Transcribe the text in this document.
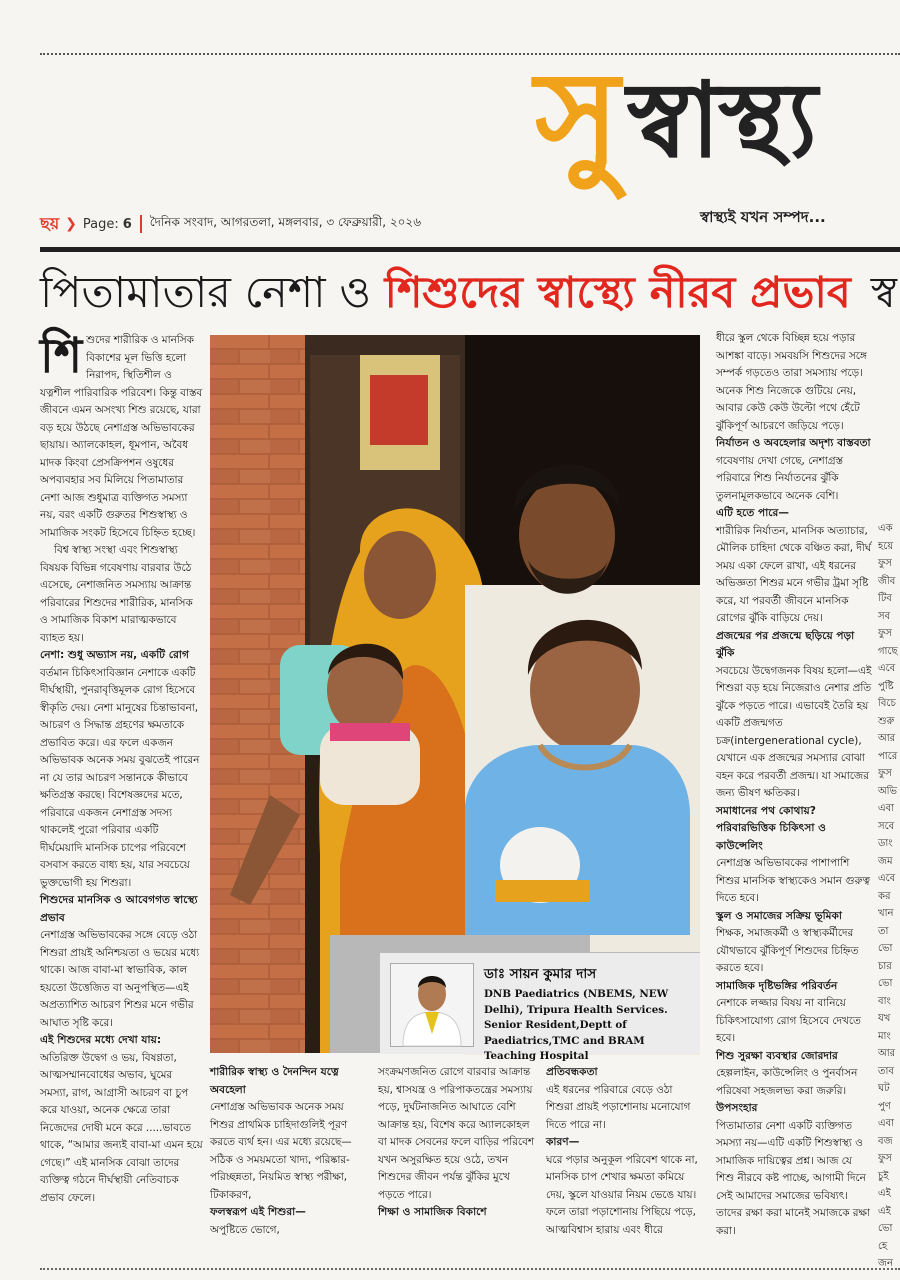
সু স্বাস্থ্য
ছয় ❯ Page: 6 দৈনিক সংবাদ, আগরতলা, মঙ্গলবার, ৩ ফেব্রুয়ারী, ২০২৬	স্বাস্থ্যই যখন সম্পদ...
পিতামাতার নেশা ও শিশুদের স্বাস্থ্যে নীরব প্রভাব স্ব
শি শুদের শারীরিক ও মানসিক বিকাশের মূল ভিত্তি হলো নিরাপদ, স্থিতিশীল ও যত্নশীল পারিবারিক পরিবেশ। কিন্তু বাস্তব জীবনে এমন অসংখ্য শিশু রয়েছে, যারা বড় হয়ে উঠছে নেশাগ্রস্ত অভিভাবকের ছায়ায়। অ্যালকোহল, ধূমপান, অবৈধ মাদক কিংবা প্রেসক্রিপশন ওষুধের অপব্যবহার সব মিলিয়ে পিতামাতার নেশা আজ শুধুমাত্র ব্যক্তিগত সমস্যা নয়, বরং একটি গুরুতর শিশুস্বাস্থ্য ও সামাজিক সংকট হিসেবে চিহ্নিত হচ্ছে।

বিশ্ব স্বাস্থ্য সংস্থা এবং শিশুস্বাস্থ্য বিষয়ক বিভিন্ন গবেষণায় বারবার উঠে এসেছে, নেশাজনিত সমস্যায় আক্রান্ত পরিবারের শিশুদের শারীরিক, মানসিক ও সামাজিক বিকাশ মারাত্মকভাবে ব্যাহত হয়।

নেশা: শুধু অভ্যাস নয়, একটি রোগ

বর্তমান চিকিৎসাবিজ্ঞান নেশাকে একটি দীর্ঘস্থায়ী, পুনরাবৃত্তিমূলক রোগ হিসেবে স্বীকৃতি দেয়। নেশা মানুষের চিন্তাভাবনা, আচরণ ও সিদ্ধান্ত গ্রহণের ক্ষমতাকে প্রভাবিত করে। এর ফলে একজন অভিভাবক অনেক সময় বুঝতেই পারেন না যে তার আচরণ সন্তানকে কীভাবে ক্ষতিগ্রস্ত করছে। বিশেষজ্ঞদের মতে, পরিবারে একজন নেশাগ্রস্ত সদস্য থাকলেই পুরো পরিবার একটি দীর্ঘমেয়াদি মানসিক চাপের পরিবেশে বসবাস করতে বাধ্য হয়, যার সবচেয়ে ভুক্তভোগী হয় শিশুরা।

শিশুদের মানসিক ও আবেগগত স্বাস্থ্যে প্রভাব

নেশাগ্রস্ত অভিভাবকের সঙ্গে বেড়ে ওঠা শিশুরা প্রায়ই অনিশ্চয়তা ও ভয়ের মধ্যে থাকে। আজ বাবা-মা স্বাভাবিক, কাল হয়তো উত্তেজিত বা অনুপস্থিত—এই অপ্রত্যাশিত আচরণ শিশুর মনে গভীর আঘাত সৃষ্টি করে।

এই শিশুদের মধ্যে দেখা যায়:

অতিরিক্ত উদ্বেগ ও ভয়, বিষণ্ণতা, আত্মসম্মানবোধের অভাব, ঘুমের সমস্যা, রাগ, আগ্রাসী আচরণ বা চুপ করে যাওয়া, অনেক ক্ষেত্রে তারা নিজেদের দোষী মনে করে .....ভাবতে থাকে, “আমার জন্যই বাবা-মা এমন হয়ে গেছে।” এই মানসিক বোঝা তাদের ব্যক্তিত্ব গঠনে দীর্ঘস্থায়ী নেতিবাচক প্রভাব ফেলে।

ডাঃ সায়ন কুমার দাস
DNB Paediatrics (NBEMS, NEW Delhi), Tripura Health Services. Senior Resident,Deptt of Paediatrics,TMC and BRAM Teaching Hospital
শারীরিক স্বাস্থ্য ও দৈনন্দিন যত্নে অবহেলা

নেশাগ্রস্ত অভিভাবক অনেক সময় শিশুর প্রাথমিক চাহিদাগুলিই পূরণ করতে ব্যর্থ হন। এর মধ্যে রয়েছে— সঠিক ও সময়মতো খাদ্য, পরিষ্কার-পরিচ্ছন্নতা, নিয়মিত স্বাস্থ্য পরীক্ষা, টিকাকরণ,

ফলস্বরূপ এই শিশুরা—

অপুষ্টিতে ভোগে,

সংক্রমণজনিত রোগে বারবার আক্রান্ত হয়, শ্বাসযন্ত্র ও পরিপাকতন্ত্রের সমস্যায় পড়ে, দুর্ঘটনাজনিত আঘাতে বেশি আক্রান্ত হয়, বিশেষ করে অ্যালকোহল বা মাদক সেবনের ফলে বাড়ির পরিবেশ যখন অসুরক্ষিত হয়ে ওঠে, তখন শিশুদের জীবন পর্যন্ত ঝুঁকির মুখে পড়তে পারে।

শিক্ষা ও সামাজিক বিকাশে
প্রতিবন্ধকতা

এই ধরনের পরিবারে বেড়ে ওঠা শিশুরা প্রায়ই পড়াশোনায় মনোযোগ দিতে পারে না।

কারণ—

ঘরে পড়ার অনুকূল পরিবেশ থাকে না, মানসিক চাপ শেখার ক্ষমতা কমিয়ে দেয়, স্কুলে যাওয়ার নিয়ম ভেঙে যায়। ফলে তারা পড়াশোনায় পিছিয়ে পড়ে, আত্মবিশ্বাস হারায় এবং ধীরে

ধীরে স্কুল থেকে বিচ্ছিন্ন হয়ে পড়ার আশঙ্কা বাড়ে। সমবয়সি শিশুদের সঙ্গে সম্পর্ক গড়তেও তারা সমস্যায় পড়ে। অনেক শিশু নিজেকে গুটিয়ে নেয়, আবার কেউ কেউ উল্টো পথে হেঁটে ঝুঁকিপূর্ণ আচরণে জড়িয়ে পড়ে।

নির্যাতন ও অবহেলার অদৃশ্য বাস্তবতা

গবেষণায় দেখা গেছে, নেশাগ্রস্ত পরিবারে শিশু নির্যাতনের ঝুঁকি তুলনামূলকভাবে অনেক বেশি।

এটি হতে পারে—

শারীরিক নির্যাতন, মানসিক অত্যাচার, মৌলিক চাহিদা থেকে বঞ্চিত করা, দীর্ঘ সময় একা ফেলে রাখা, এই ধরনের অভিজ্ঞতা শিশুর মনে গভীর ট্রমা সৃষ্টি করে, যা পরবর্তী জীবনে মানসিক রোগের ঝুঁকি বাড়িয়ে দেয়।

প্রজন্মের পর প্রজন্মে ছড়িয়ে পড়া ঝুঁকি

সবচেয়ে উদ্বেগজনক বিষয় হলো—এই শিশুরা বড় হয়ে নিজেরাও নেশার প্রতি ঝুঁকে পড়তে পারে। এভাবেই তৈরি হয় একটি প্রজন্মগত চক্র(intergenerational cycle), যেখানে এক প্রজন্মের সমস্যার বোঝা বহন করে পরবর্তী প্রজন্ম। যা সমাজের জন্য ভীষণ ক্ষতিকর।

সমাধানের পথ কোথায়?
পরিবারভিত্তিক চিকিৎসা ও কাউন্সেলিং

নেশাগ্রস্ত অভিভাবকের পাশাপাশি শিশুর মানসিক স্বাস্থ্যকেও সমান গুরুত্ব দিতে হবে।

স্কুল ও সমাজের সক্রিয় ভূমিকা

শিক্ষক, সমাজকর্মী ও স্বাস্থ্যকর্মীদের যৌথভাবে ঝুঁকিপূর্ণ শিশুদের চিহ্নিত করতে হবে।

সামাজিক দৃষ্টিভঙ্গির পরিবর্তন

নেশাকে লজ্জার বিষয় না বানিয়ে চিকিৎসাযোগ্য রোগ হিসেবে দেখতে হবে।

শিশু সুরক্ষা ব্যবস্থার জোরদার

হেল্পলাইন, কাউন্সেলিং ও পুনর্বাসন পরিষেবা সহজলভ্য করা জরুরি।

উপসংহার

পিতামাতার নেশা একটি ব্যক্তিগত সমস্যা নয়—এটি একটি শিশুস্বাস্থ্য ও সামাজিক দায়িত্বের প্রশ্ন। আজ যে শিশু নীরবে কষ্ট পাচ্ছে, আগামী দিনে সেই আমাদের সমাজের ভবিষ্যৎ। তাদের রক্ষা করা মানেই সমাজকে রক্ষা করা।

এক হয়ে ফুস জীব টিব সব ফুস গাছে এবে পুষ্টি বিচে শুরু আর পারে ফুস অভি এবা সবে ডাং জম এবে কর খান তা ভো চার ভো বাং যখ মাং আর তাব ঘট পুণ এবা বজ ফুস চুই এই এই ভো হে জন
